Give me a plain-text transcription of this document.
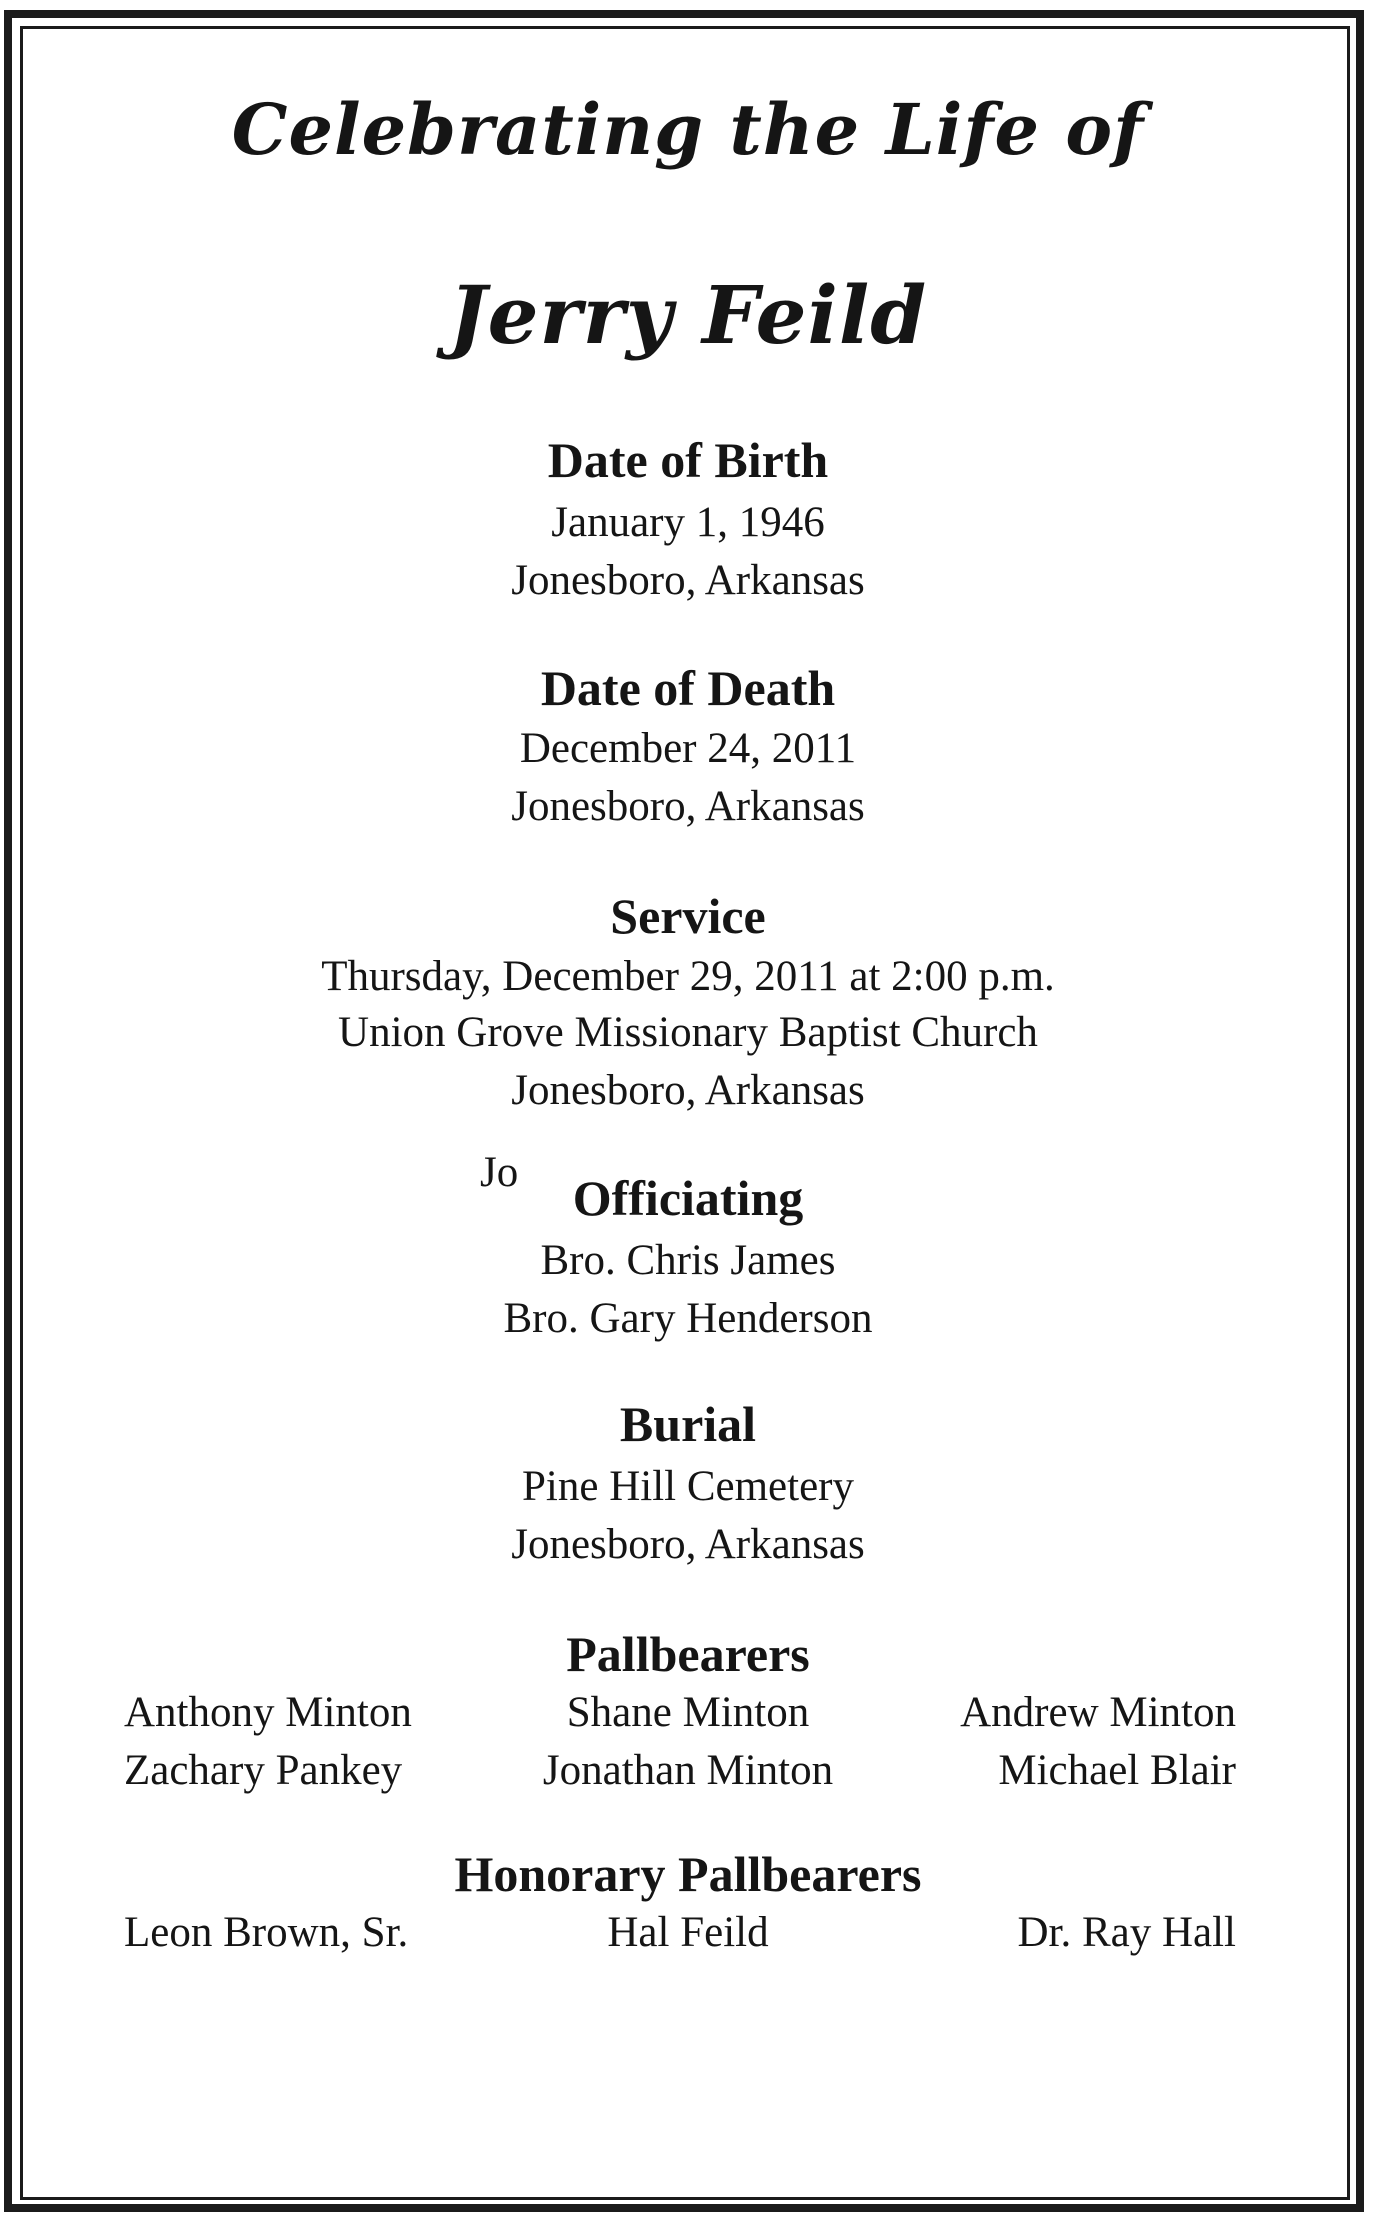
Celebrating the Life of
Jerry Feild
Date of Birth
January 1, 1946
Jonesboro, Arkansas
Date of Death
December 24, 2011
Jonesboro, Arkansas
Service
Thursday, December 29, 2011 at 2:00 p.m.
Union Grove Missionary Baptist Church
Jonesboro, Arkansas
Jo	Officiating
Bro. Chris James
Bro. Gary Henderson
Burial
Pine Hill Cemetery
Jonesboro, Arkansas
Pallbearers
Anthony Minton	Shane Minton	Andrew Minton
Zachary Pankey	Jonathan Minton	Michael Blair
Honorary Pallbearers
Leon Brown, Sr.	Hal Feild	Dr. Ray Hall
